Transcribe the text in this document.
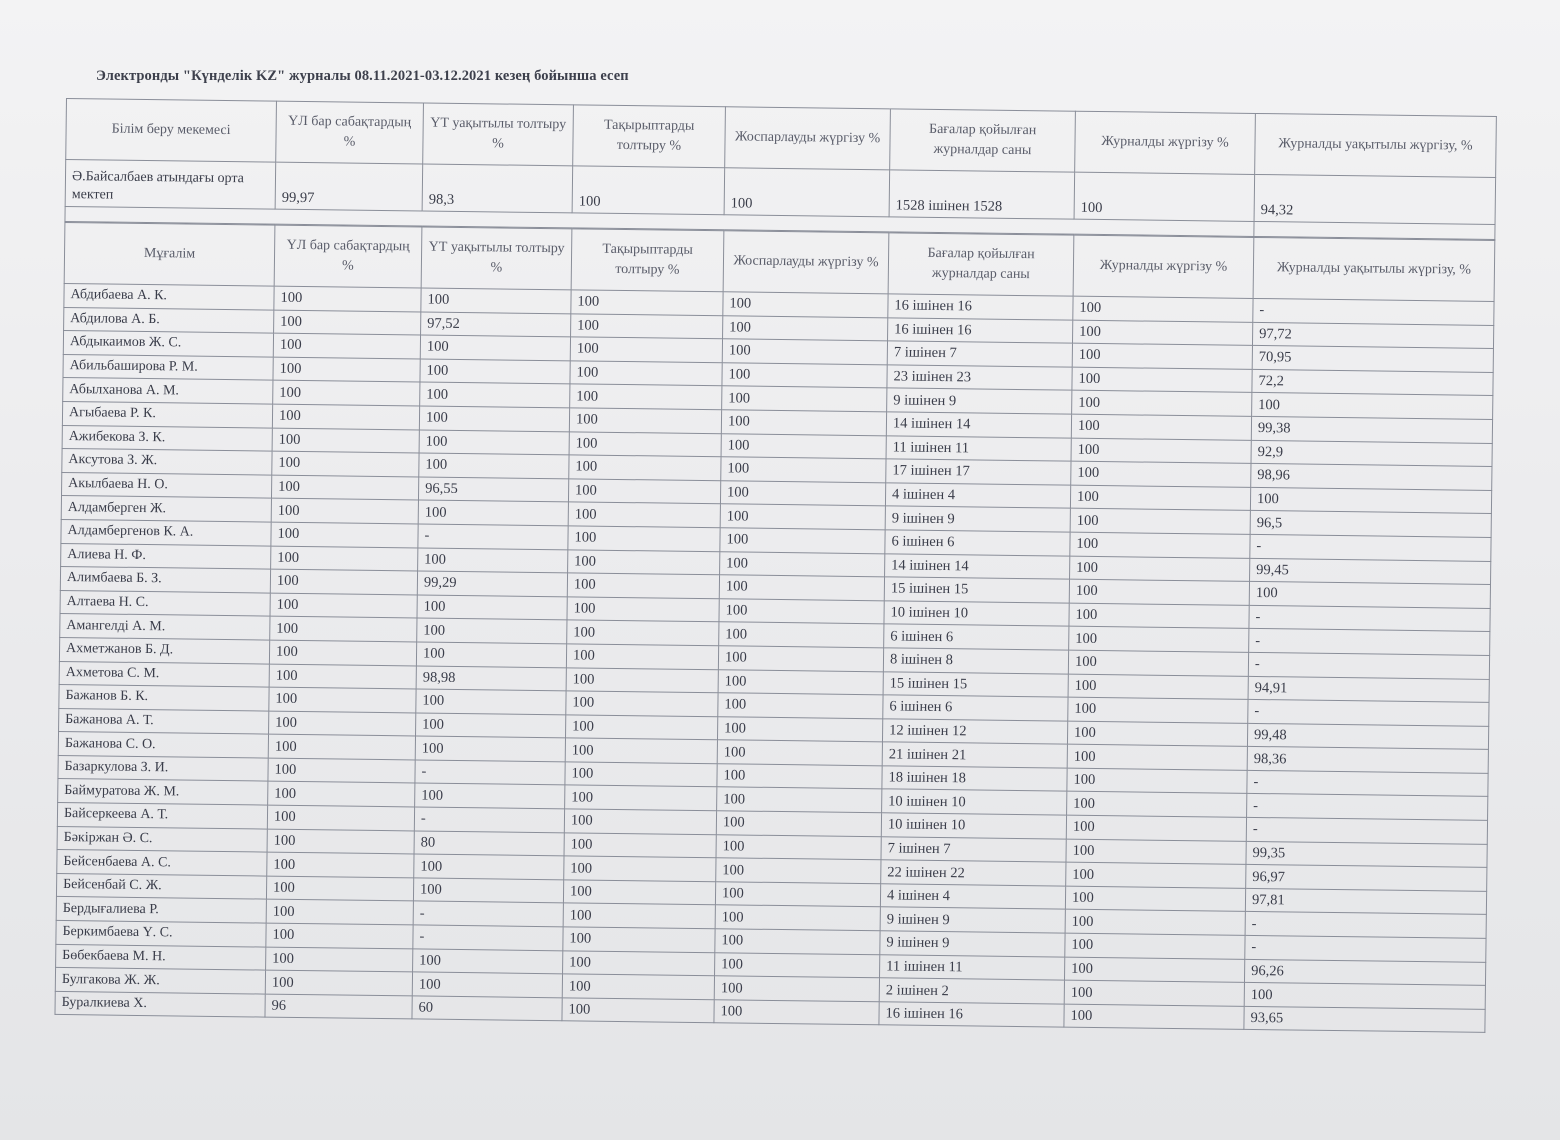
Электронды "Күнделік KZ" журналы 08.11.2021-03.12.2021 кезең бойынша есеп
Білім беру мекемесі	ҮЛ бар сабақтардың %	ҮТ уақытылы толтыру %	Тақырыптарды толтыру %	Жоспарлауды жүргізу %	Бағалар қойылған журналдар саны	Журналды жүргізу %	Журналды уақытылы жүргізу, %
Ә.Байсалбаев атындағы орта мектеп	99,97	98,3	100	100	1528 ішінен 1528	100	94,32

Мұғалім	ҮЛ бар сабақтардың %	ҮТ уақытылы толтыру %	Тақырыптарды толтыру %	Жоспарлауды жүргізу %	Бағалар қойылған журналдар саны	Журналды жүргізу %	Журналды уақытылы жүргізу, %
Абдибаева А. К.	100	100	100	100	16 ішінен 16	100	-
Абдилова А. Б.	100	97,52	100	100	16 ішінен 16	100	97,72
Абдыкаимов Ж. С.	100	100	100	100	7 ішінен 7	100	70,95
Абильбаширова Р. М.	100	100	100	100	23 ішінен 23	100	72,2
Абылханова А. М.	100	100	100	100	9 ішінен 9	100	100
Агыбаева Р. К.	100	100	100	100	14 ішінен 14	100	99,38
Ажибекова З. К.	100	100	100	100	11 ішінен 11	100	92,9
Аксутова З. Ж.	100	100	100	100	17 ішінен 17	100	98,96
Акылбаева Н. О.	100	96,55	100	100	4 ішінен 4	100	100
Алдамберген Ж.	100	100	100	100	9 ішінен 9	100	96,5
Алдамбергенов К. А.	100	-	100	100	6 ішінен 6	100	-
Алиева Н. Ф.	100	100	100	100	14 ішінен 14	100	99,45
Алимбаева Б. З.	100	99,29	100	100	15 ішінен 15	100	100
Алтаева Н. С.	100	100	100	100	10 ішінен 10	100	-
Амангелді А. М.	100	100	100	100	6 ішінен 6	100	-
Ахметжанов Б. Д.	100	100	100	100	8 ішінен 8	100	-
Ахметова С. М.	100	98,98	100	100	15 ішінен 15	100	94,91
Бажанов Б. К.	100	100	100	100	6 ішінен 6	100	-
Бажанова А. Т.	100	100	100	100	12 ішінен 12	100	99,48
Бажанова С. О.	100	100	100	100	21 ішінен 21	100	98,36
Базаркулова З. И.	100	-	100	100	18 ішінен 18	100	-
Баймуратова Ж. М.	100	100	100	100	10 ішінен 10	100	-
Байсеркеева А. Т.	100	-	100	100	10 ішінен 10	100	-
Бәкіржан Ә. С.	100	80	100	100	7 ішінен 7	100	99,35
Бейсенбаева А. С.	100	100	100	100	22 ішінен 22	100	96,97
Бейсенбай С. Ж.	100	100	100	100	4 ішінен 4	100	97,81
Бердығалиева Р.	100	-	100	100	9 ішінен 9	100	-
Беркимбаева Ү. С.	100	-	100	100	9 ішінен 9	100	-
Бөбекбаева М. Н.	100	100	100	100	11 ішінен 11	100	96,26
Булгакова Ж. Ж.	100	100	100	100	2 ішінен 2	100	100
Буралкиева Х.	96	60	100	100	16 ішінен 16	100	93,65
